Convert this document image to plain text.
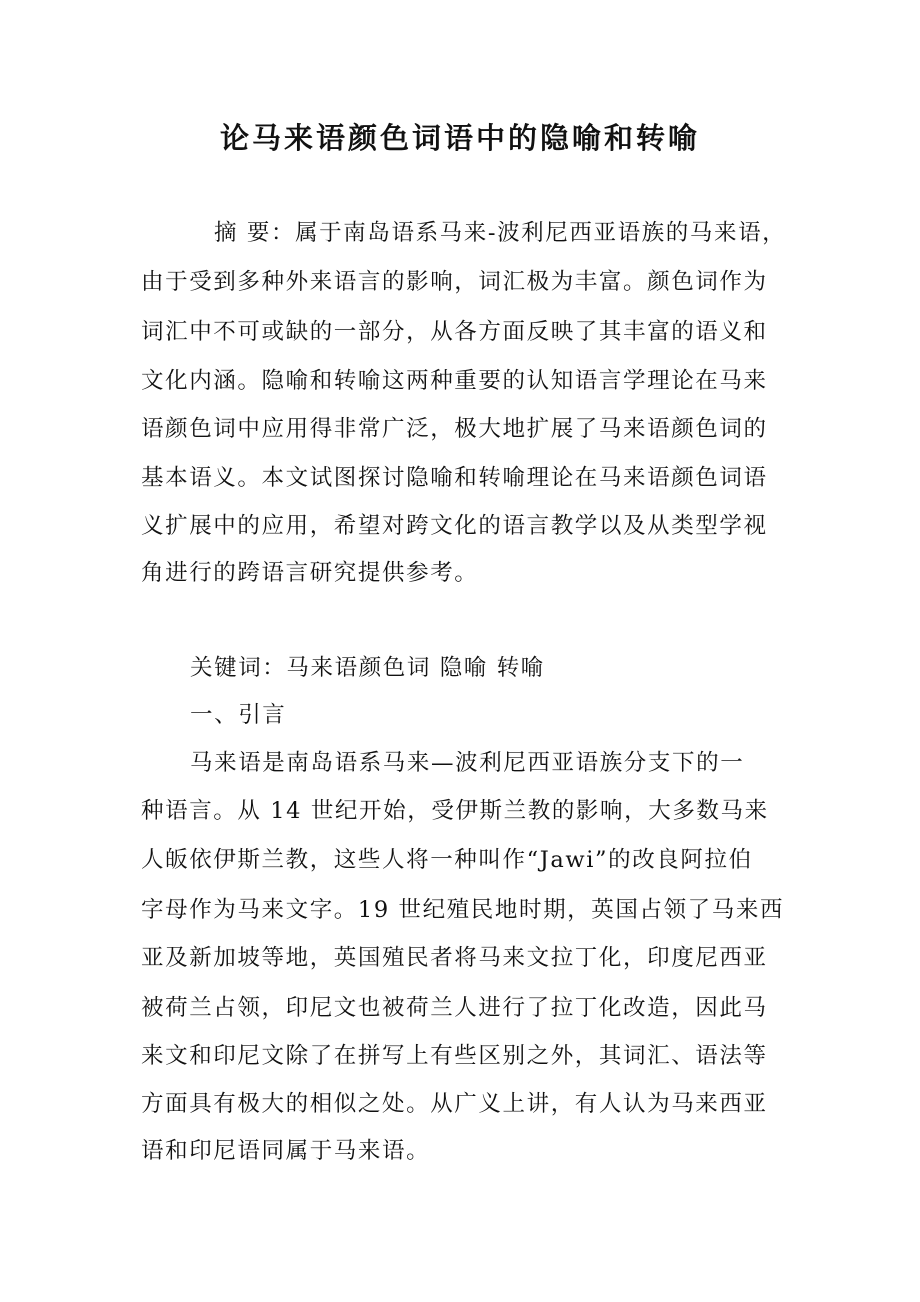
论马来语颜色词语中的隐喻和转喻
摘 要：属于南岛语系马来-波利尼西亚语族的马来语，
由于受到多种外来语言的影响，词汇极为丰富。颜色词作为
词汇中不可或缺的一部分，从各方面反映了其丰富的语义和
文化内涵。隐喻和转喻这两种重要的认知语言学理论在马来
语颜色词中应用得非常广泛，极大地扩展了马来语颜色词的
基本语义。本文试图探讨隐喻和转喻理论在马来语颜色词语
义扩展中的应用，希望对跨文化的语言教学以及从类型学视
角进行的跨语言研究提供参考。
关键词：马来语颜色词 隐喻 转喻
一、引言
马来语是南岛语系马来—波利尼西亚语族分支下的一
种语言。从 14 世纪开始，受伊斯兰教的影响，大多数马来
人皈依伊斯兰教，这些人将一种叫作“Jawi”的改良阿拉伯
字母作为马来文字。19 世纪殖民地时期，英国占领了马来西
亚及新加坡等地，英国殖民者将马来文拉丁化，印度尼西亚
被荷兰占领，印尼文也被荷兰人进行了拉丁化改造，因此马
来文和印尼文除了在拼写上有些区别之外，其词汇、语法等
方面具有极大的相似之处。从广义上讲，有人认为马来西亚
语和印尼语同属于马来语。
